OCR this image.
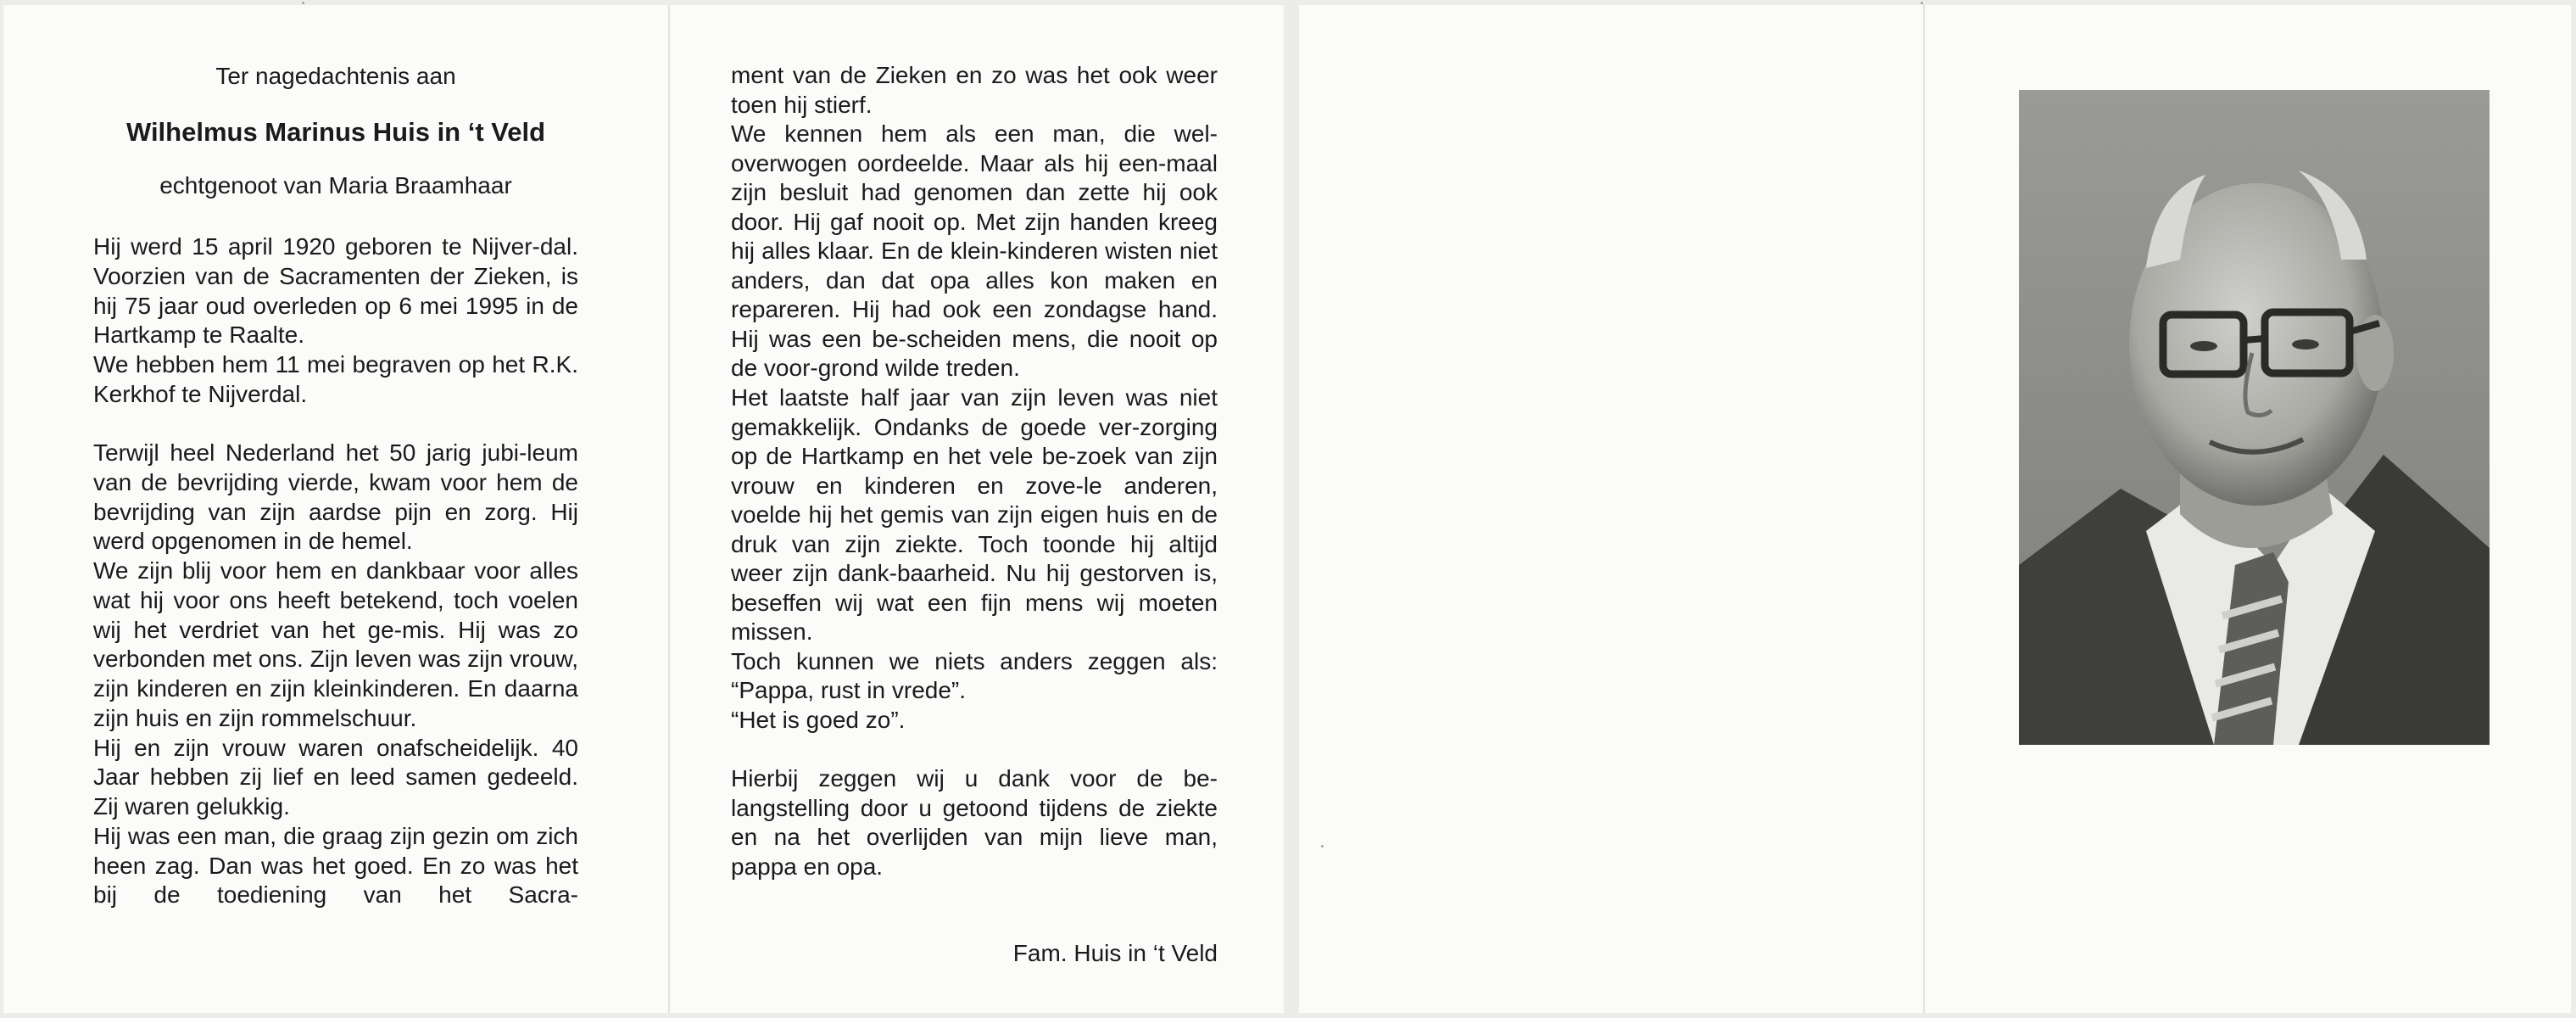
Ter nagedachtenis aan
Wilhelmus Marinus Huis in ‘t Veld
echtgenoot van Maria Braamhaar

Hij werd 15 april 1920 geboren te Nijver-dal. Voorzien van de Sacramenten der Zieken, is hij 75 jaar oud overleden op 6 mei 1995 in de Hartkamp te Raalte.

We hebben hem 11 mei begraven op het R.K. Kerkhof te Nijverdal.

Terwijl heel Nederland het 50 jarig jubi-leum van de bevrijding vierde, kwam voor hem de bevrijding van zijn aardse pijn en zorg. Hij werd opgenomen in de hemel.

We zijn blij voor hem en dankbaar voor alles wat hij voor ons heeft betekend, toch voelen wij het verdriet van het ge-mis. Hij was zo verbonden met ons. Zijn leven was zijn vrouw, zijn kinderen en zijn kleinkinderen. En daarna zijn huis en zijn rommelschuur.

Hij en zijn vrouw waren onafscheidelijk. 40 Jaar hebben zij lief en leed samen gedeeld. Zij waren gelukkig.

Hij was een man, die graag zijn gezin om zich heen zag. Dan was het goed. En zo was het bij de toediening van het Sacra-

ment van de Zieken en zo was het ook weer toen hij stierf.

We kennen hem als een man, die wel-overwogen oordeelde. Maar als hij een-maal zijn besluit had genomen dan zette hij ook door. Hij gaf nooit op. Met zijn handen kreeg hij alles klaar. En de klein-kinderen wisten niet anders, dan dat opa alles kon maken en repareren. Hij had ook een zondagse hand. Hij was een be-scheiden mens, die nooit op de voor-grond wilde treden.

Het laatste half jaar van zijn leven was niet gemakkelijk. Ondanks de goede ver-zorging op de Hartkamp en het vele be-zoek van zijn vrouw en kinderen en zove-le anderen, voelde hij het gemis van zijn eigen huis en de druk van zijn ziekte. Toch toonde hij altijd weer zijn dank-baarheid. Nu hij gestorven is, beseffen wij wat een fijn mens wij moeten missen.

Toch kunnen we niets anders zeggen als: “Pappa, rust in vrede”.

“Het is goed zo”.

Hierbij zeggen wij u dank voor de be-langstelling door u getoond tijdens de ziekte en na het overlijden van mijn lieve man, pappa en opa.

Fam. Huis in ‘t Veld
